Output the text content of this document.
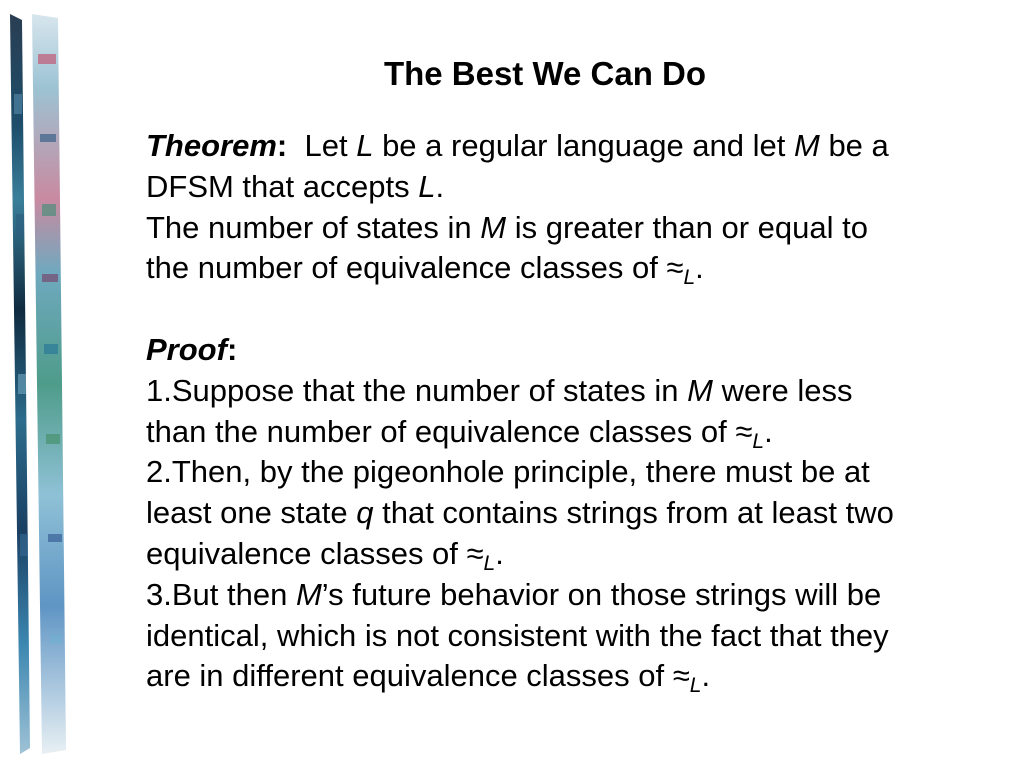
The Best We Can Do
Theorem: Let L be a regular language and let M be a
DFSM that accepts L.
The number of states in M is greater than or equal to
the number of equivalence classes of $\approx_L$.
Proof:
1.Suppose that the number of states in M were less
than the number of equivalence classes of $\approx_L$.
2.Then, by the pigeonhole principle, there must be at
least one state q that contains strings from at least two
equivalence classes of $\approx_L$.
3.But then M’s future behavior on those strings will be
identical, which is not consistent with the fact that they
are in different equivalence classes of $\approx_L$.
